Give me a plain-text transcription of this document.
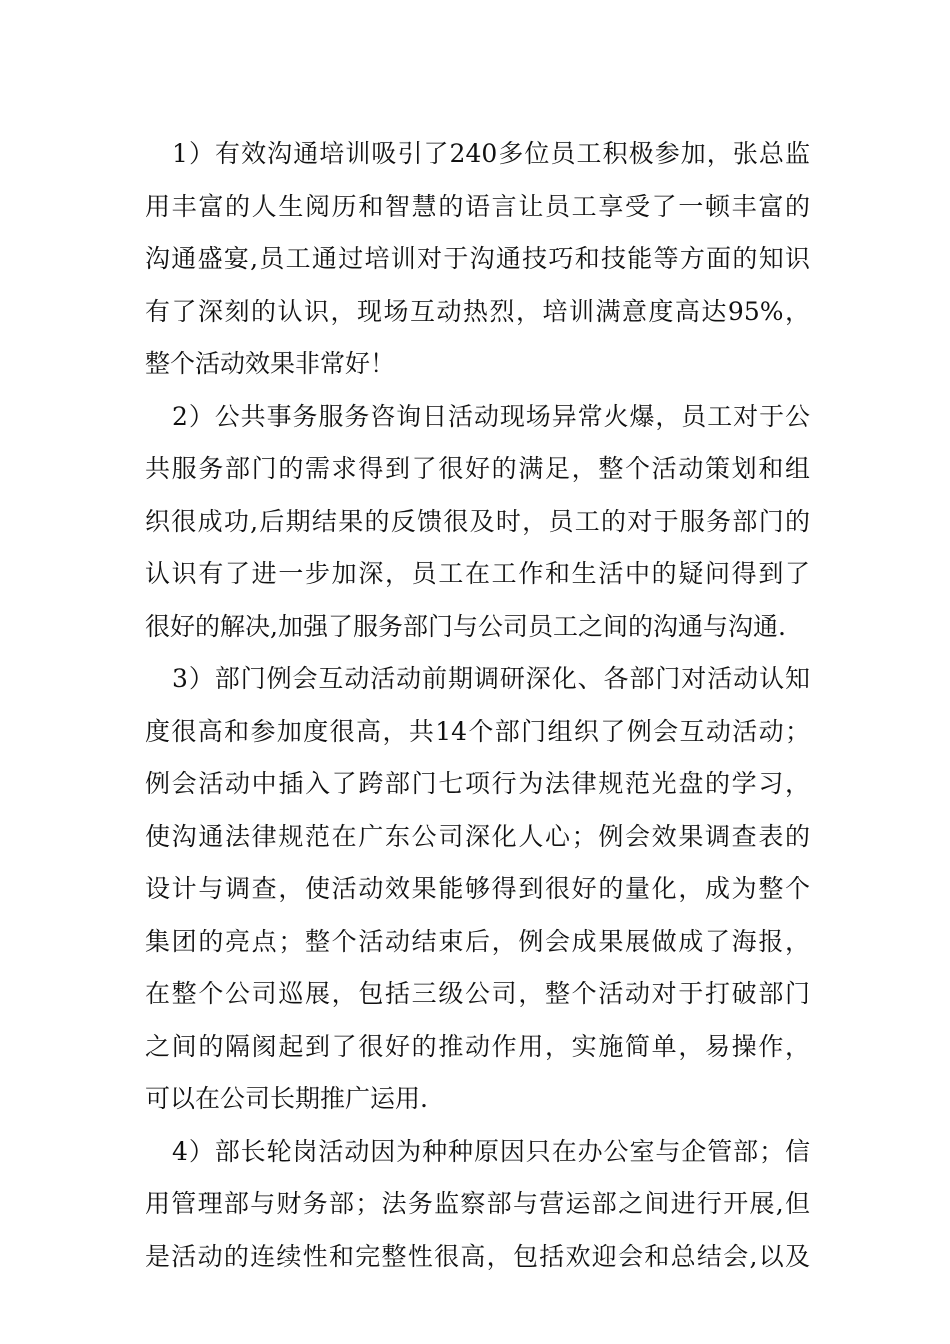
1）有效沟通培训吸引了240多位员工积极参加，张总监
用丰富的人生阅历和智慧的语言让员工享受了一顿丰富的
沟通盛宴,员工通过培训对于沟通技巧和技能等方面的知识
有了深刻的认识，现场互动热烈，培训满意度高达95%，
整个活动效果非常好！
2）公共事务服务咨询日活动现场异常火爆，员工对于公
共服务部门的需求得到了很好的满足，整个活动策划和组
织很成功,后期结果的反馈很及时，员工的对于服务部门的
认识有了进一步加深，员工在工作和生活中的疑问得到了
很好的解决,加强了服务部门与公司员工之间的沟通与沟通.
3）部门例会互动活动前期调研深化、各部门对活动认知
度很高和参加度很高，共14个部门组织了例会互动活动；
例会活动中插入了跨部门七项行为法律规范光盘的学习，
使沟通法律规范在广东公司深化人心；例会效果调查表的
设计与调查，使活动效果能够得到很好的量化，成为整个
集团的亮点；整个活动结束后，例会成果展做成了海报，
在整个公司巡展，包括三级公司，整个活动对于打破部门
之间的隔阂起到了很好的推动作用，实施简单，易操作，
可以在公司长期推广运用.
4）部长轮岗活动因为种种原因只在办公室与企管部；信
用管理部与财务部；法务监察部与营运部之间进行开展,但
是活动的连续性和完整性很高，包括欢迎会和总结会,以及
